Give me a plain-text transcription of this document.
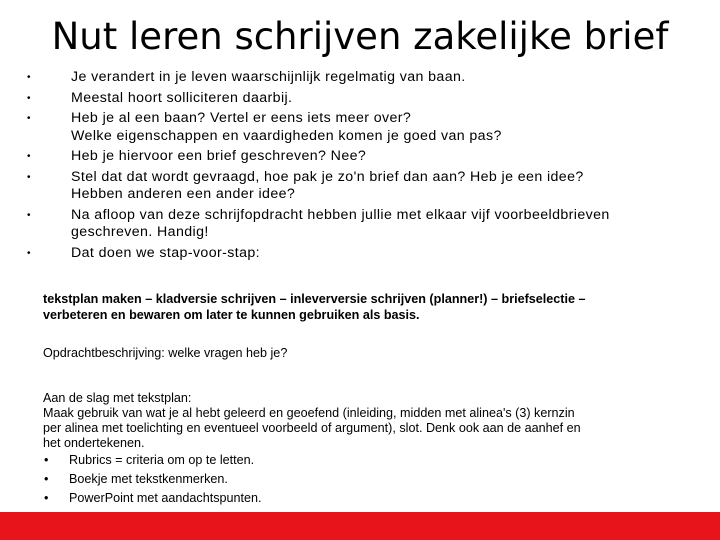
Nut leren schrijven zakelijke brief
•	Je verandert in je leven waarschijnlijk regelmatig van baan.
•	Meestal hoort solliciteren daarbij.
•	Heb je al een baan? Vertel er eens iets meer over?
Welke eigenschappen en vaardigheden komen je goed van pas?
•	Heb je hiervoor een brief geschreven? Nee?
•	Stel dat dat wordt gevraagd, hoe pak je zo'n brief dan aan? Heb je een idee?
Hebben anderen een ander idee?
•	Na afloop van deze schrijfopdracht hebben jullie met elkaar vijf voorbeeldbrieven
geschreven. Handig!
•	Dat doen we stap-voor-stap:

tekstplan maken – kladversie schrijven – inleverversie schrijven (planner!) – briefselectie –
verbeteren en bewaren om later te kunnen gebruiken als basis.

Opdrachtbeschrijving: welke vragen heb je?

Aan de slag met tekstplan:
Maak gebruik van wat je al hebt geleerd en geoefend (inleiding, midden met alinea's (3) kernzin
per alinea met toelichting en eventueel voorbeeld of argument), slot. Denk ook aan de aanhef en
het ondertekenen.
• Rubrics = criteria om op te letten.
• Boekje met tekstkenmerken.
• PowerPoint met aandachtspunten.
